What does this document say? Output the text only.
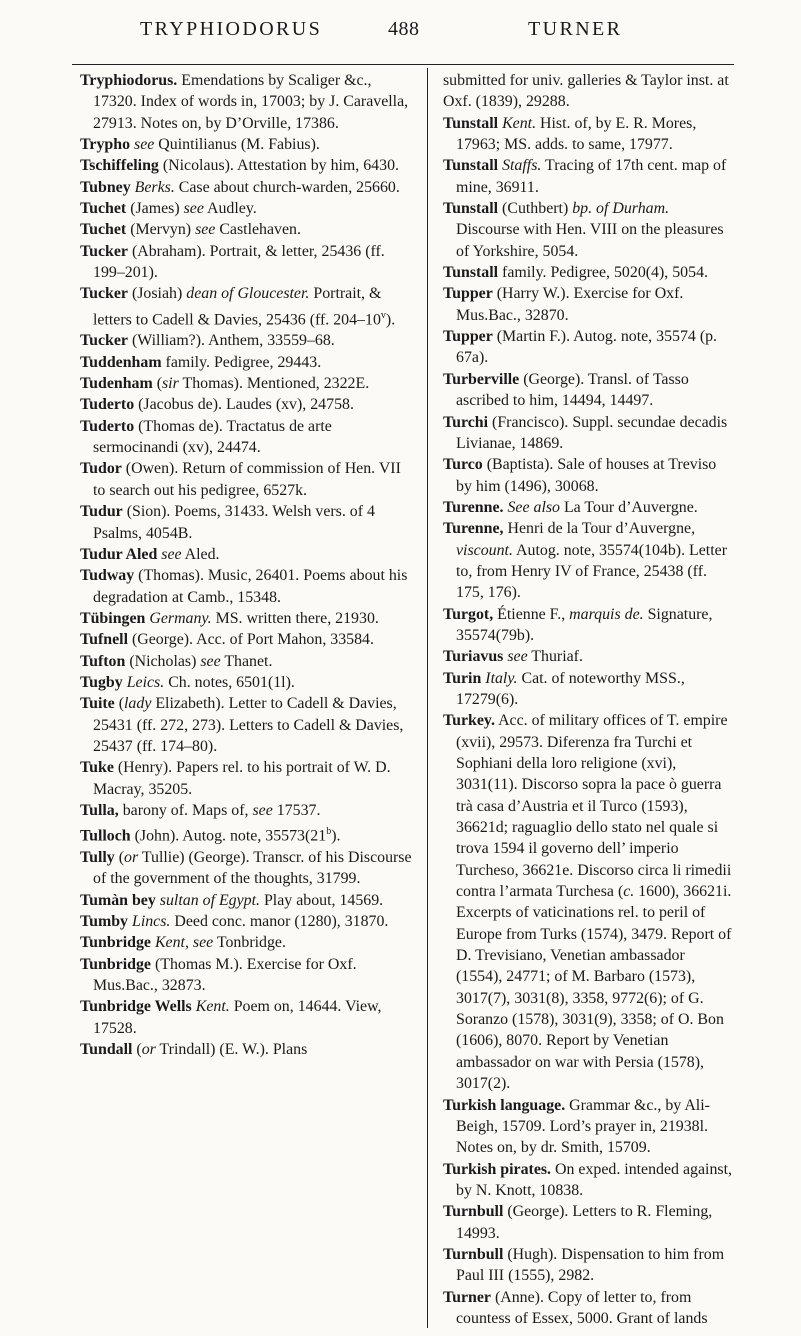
TRYPHIODORUS	488	TURNER

Tryphiodorus. Emendations by Scaliger &c., 17320. Index of words in, 17003; by J. Caravella, 27913. Notes on, by D’Orville, 17386.

Trypho see Quintilianus (M. Fabius).

Tschiffeling (Nicolaus). Attestation by him, 6430.

Tubney Berks. Case about church-warden, 25660.

Tuchet (James) see Audley.

Tuchet (Mervyn) see Castlehaven.

Tucker (Abraham). Portrait, & letter, 25436 (ff. 199–201).

Tucker (Josiah) dean of Gloucester. Portrait, & letters to Cadell & Davies, 25436 (ff. 204–10$^v$).

Tucker (William?). Anthem, 33559–68.

Tuddenham family. Pedigree, 29443.

Tudenham (sir Thomas). Mentioned, 2322E.

Tuderto (Jacobus de). Laudes (xv), 24758.

Tuderto (Thomas de). Tractatus de arte sermocinandi (xv), 24474.

Tudor (Owen). Return of commission of Hen. VII to search out his pedigree, 6527k.

Tudur (Sion). Poems, 31433. Welsh vers. of 4 Psalms, 4054B.

Tudur Aled see Aled.

Tudway (Thomas). Music, 26401. Poems about his degradation at Camb., 15348.

Tübingen Germany. MS. written there, 21930.

Tufnell (George). Acc. of Port Mahon, 33584.

Tufton (Nicholas) see Thanet.

Tugby Leics. Ch. notes, 6501(1l).

Tuite (lady Elizabeth). Letter to Cadell & Davies, 25431 (ff. 272, 273). Letters to Cadell & Davies, 25437 (ff. 174–80).

Tuke (Henry). Papers rel. to his portrait of W. D. Macray, 35205.

Tulla, barony of. Maps of, see 17537.

Tulloch (John). Autog. note, 35573(21$^b$).

Tully (or Tullie) (George). Transcr. of his Discourse of the government of the thoughts, 31799.

Tumàn bey sultan of Egypt. Play about, 14569.

Tumby Lincs. Deed conc. manor (1280), 31870.

Tunbridge Kent, see Tonbridge.

Tunbridge (Thomas M.). Exercise for Oxf. Mus.Bac., 32873.

Tunbridge Wells Kent. Poem on, 14644. View, 17528.

Tundall (or Trindall) (E. W.). Plans

submitted for univ. galleries & Taylor inst. at Oxf. (1839), 29288.

Tunstall Kent. Hist. of, by E. R. Mores, 17963; MS. adds. to same, 17977.

Tunstall Staffs. Tracing of 17th cent. map of mine, 36911.

Tunstall (Cuthbert) bp. of Durham. Discourse with Hen. VIII on the pleasures of Yorkshire, 5054.

Tunstall family. Pedigree, 5020(4), 5054.

Tupper (Harry W.). Exercise for Oxf. Mus.Bac., 32870.

Tupper (Martin F.). Autog. note, 35574 (p. 67a).

Turberville (George). Transl. of Tasso ascribed to him, 14494, 14497.

Turchi (Francisco). Suppl. secundae decadis Livianae, 14869.

Turco (Baptista). Sale of houses at Treviso by him (1496), 30068.

Turenne. See also La Tour d’Auvergne.

Turenne, Henri de la Tour d’Auvergne, viscount. Autog. note, 35574(104b). Letter to, from Henry IV of France, 25438 (ff. 175, 176).

Turgot, Étienne F., marquis de. Signature, 35574(79b).

Turiavus see Thuriaf.

Turin Italy. Cat. of noteworthy MSS., 17279(6).

Turkey. Acc. of military offices of T. empire (xvii), 29573. Diferenza fra Turchi et Sophiani della loro religione (xvi), 3031(11). Discorso sopra la pace ò guerra trà casa d’Austria et il Turco (1593), 36621d; raguaglio dello stato nel quale si trova 1594 il governo dell’ imperio Turcheso, 36621e. Discorso circa li rimedii contra l’armata Turchesa (c. 1600), 36621i. Excerpts of vaticinations rel. to peril of Europe from Turks (1574), 3479. Report of D. Trevisiano, Venetian ambassador (1554), 24771; of M. Barbaro (1573), 3017(7), 3031(8), 3358, 9772(6); of G. Soranzo (1578), 3031(9), 3358; of O. Bon (1606), 8070. Report by Venetian ambassador on war with Persia (1578), 3017(2).

Turkish language. Grammar &c., by Ali-Beigh, 15709. Lord’s prayer in, 21938l. Notes on, by dr. Smith, 15709.

Turkish pirates. On exped. intended against, by N. Knott, 10838.

Turnbull (George). Letters to R. Fleming, 14993.

Turnbull (Hugh). Dispensation to him from Paul III (1555), 2982.

Turner (Anne). Copy of letter to, from countess of Essex, 5000. Grant of lands
